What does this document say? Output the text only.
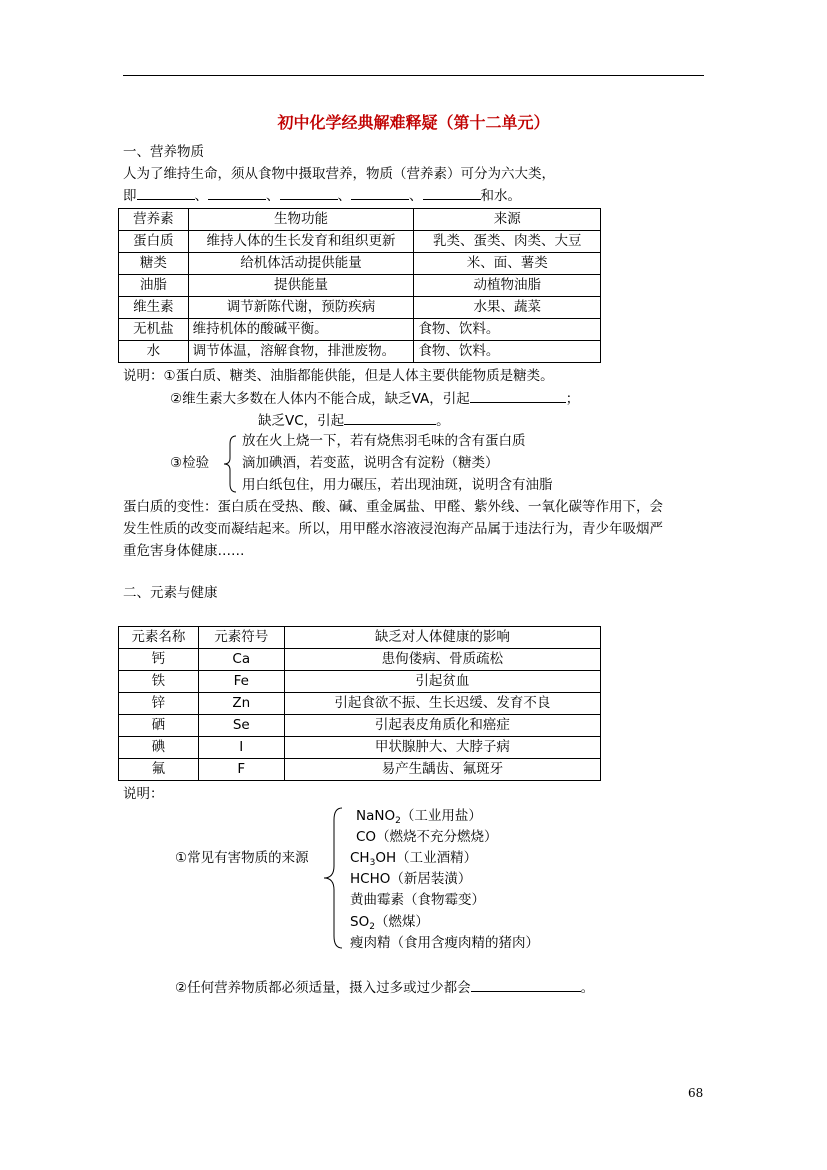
初中化学经典解难释疑（第十二单元）
一、营养物质
人为了维持生命，须从食物中摄取营养，物质（营养素）可分为六大类，
即	、	、	、	、	和水。
营养素	生物功能	来源
蛋白质	维持人体的生长发育和组织更新	乳类、蛋类、肉类、大豆
糖类	给机体活动提供能量	米、面、薯类
油脂	提供能量	动植物油脂
维生素	调节新陈代谢，预防疾病	水果、蔬菜
无机盐	维持机体的酸碱平衡。	食物、饮料。
水	调节体温，溶解食物，排泄废物。	食物、饮料。
说明：①蛋白质、糖类、油脂都能供能，但是人体主要供能物质是糖类。
②维生素大多数在人体内不能合成，缺乏VA，引起	；
缺乏VC，引起	。
③检验
放在火上烧一下，若有烧焦羽毛味的含有蛋白质
滴加碘酒，若变蓝，说明含有淀粉（糖类）
用白纸包住，用力碾压，若出现油斑，说明含有油脂
蛋白质的变性：蛋白质在受热、酸、碱、重金属盐、甲醛、紫外线、一氧化碳等作用下，会
发生性质的改变而凝结起来。所以，用甲醛水溶液浸泡海产品属于违法行为，青少年吸烟严
重危害身体健康……
二、元素与健康
元素名称	元素符号	缺乏对人体健康的影响
钙	Ca	患佝偻病、骨质疏松
铁	Fe	引起贫血
锌	Zn	引起食欲不振、生长迟缓、发育不良
硒	Se	引起表皮角质化和癌症
碘	I	甲状腺肿大、大脖子病
氟	F	易产生龋齿、氟斑牙
说明：
①常见有害物质的来源
NaNO$_2$（工业用盐）
CO（燃烧不充分燃烧）
$CH_3OH$（工业酒精）
HCHO（新居装潢）
黄曲霉素（食物霉变）
$SO_2$（燃煤）
瘦肉精（食用含瘦肉精的猪肉）
②任何营养物质都必须适量，摄入过多或过少都会	。
68
